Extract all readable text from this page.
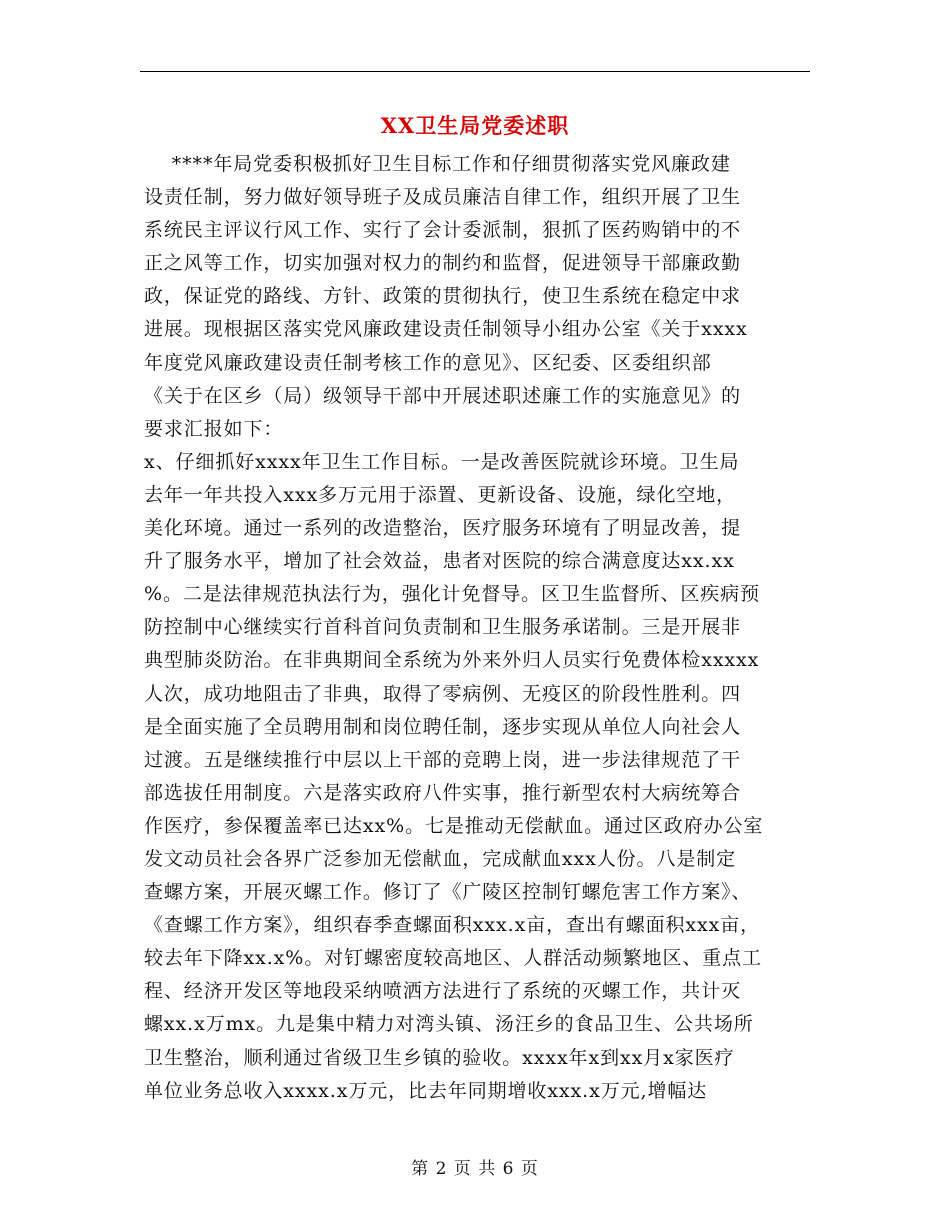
XX卫生局党委述职
****年局党委积极抓好卫生目标工作和仔细贯彻落实党风廉政建
设责任制，努力做好领导班子及成员廉洁自律工作，组织开展了卫生
系统民主评议行风工作、实行了会计委派制，狠抓了医药购销中的不
正之风等工作，切实加强对权力的制约和监督，促进领导干部廉政勤
政，保证党的路线、方针、政策的贯彻执行，使卫生系统在稳定中求
进展。现根据区落实党风廉政建设责任制领导小组办公室《关于xxxx
年度党风廉政建设责任制考核工作的意见》、区纪委、区委组织部
《关于在区乡（局）级领导干部中开展述职述廉工作的实施意见》的
要求汇报如下：
x、仔细抓好xxxx年卫生工作目标。一是改善医院就诊环境。卫生局
去年一年共投入xxx多万元用于添置、更新设备、设施，绿化空地，
美化环境。通过一系列的改造整治，医疗服务环境有了明显改善，提
升了服务水平，增加了社会效益，患者对医院的综合满意度达xx.xx
%。二是法律规范执法行为，强化计免督导。区卫生监督所、区疾病预
防控制中心继续实行首科首问负责制和卫生服务承诺制。三是开展非
典型肺炎防治。在非典期间全系统为外来外归人员实行免费体检xxxxx
人次，成功地阻击了非典，取得了零病例、无疫区的阶段性胜利。四
是全面实施了全员聘用制和岗位聘任制，逐步实现从单位人向社会人
过渡。五是继续推行中层以上干部的竞聘上岗，进一步法律规范了干
部选拔任用制度。六是落实政府八件实事，推行新型农村大病统筹合
作医疗，参保覆盖率已达xx%。七是推动无偿献血。通过区政府办公室
发文动员社会各界广泛参加无偿献血，完成献血xxx人份。八是制定
查螺方案，开展灭螺工作。修订了《广陵区控制钉螺危害工作方案》、
《查螺工作方案》，组织春季查螺面积xxx.x亩，查出有螺面积xxx亩，
较去年下降xx.x%。对钉螺密度较高地区、人群活动频繁地区、重点工
程、经济开发区等地段采纳喷洒方法进行了系统的灭螺工作，共计灭
螺xx.x万mx。九是集中精力对湾头镇、汤汪乡的食品卫生、公共场所
卫生整治，顺利通过省级卫生乡镇的验收。xxxx年x到xx月x家医疗
单位业务总收入xxxx.x万元，比去年同期增收xxx.x万元,增幅达
第 2 页 共 6 页
